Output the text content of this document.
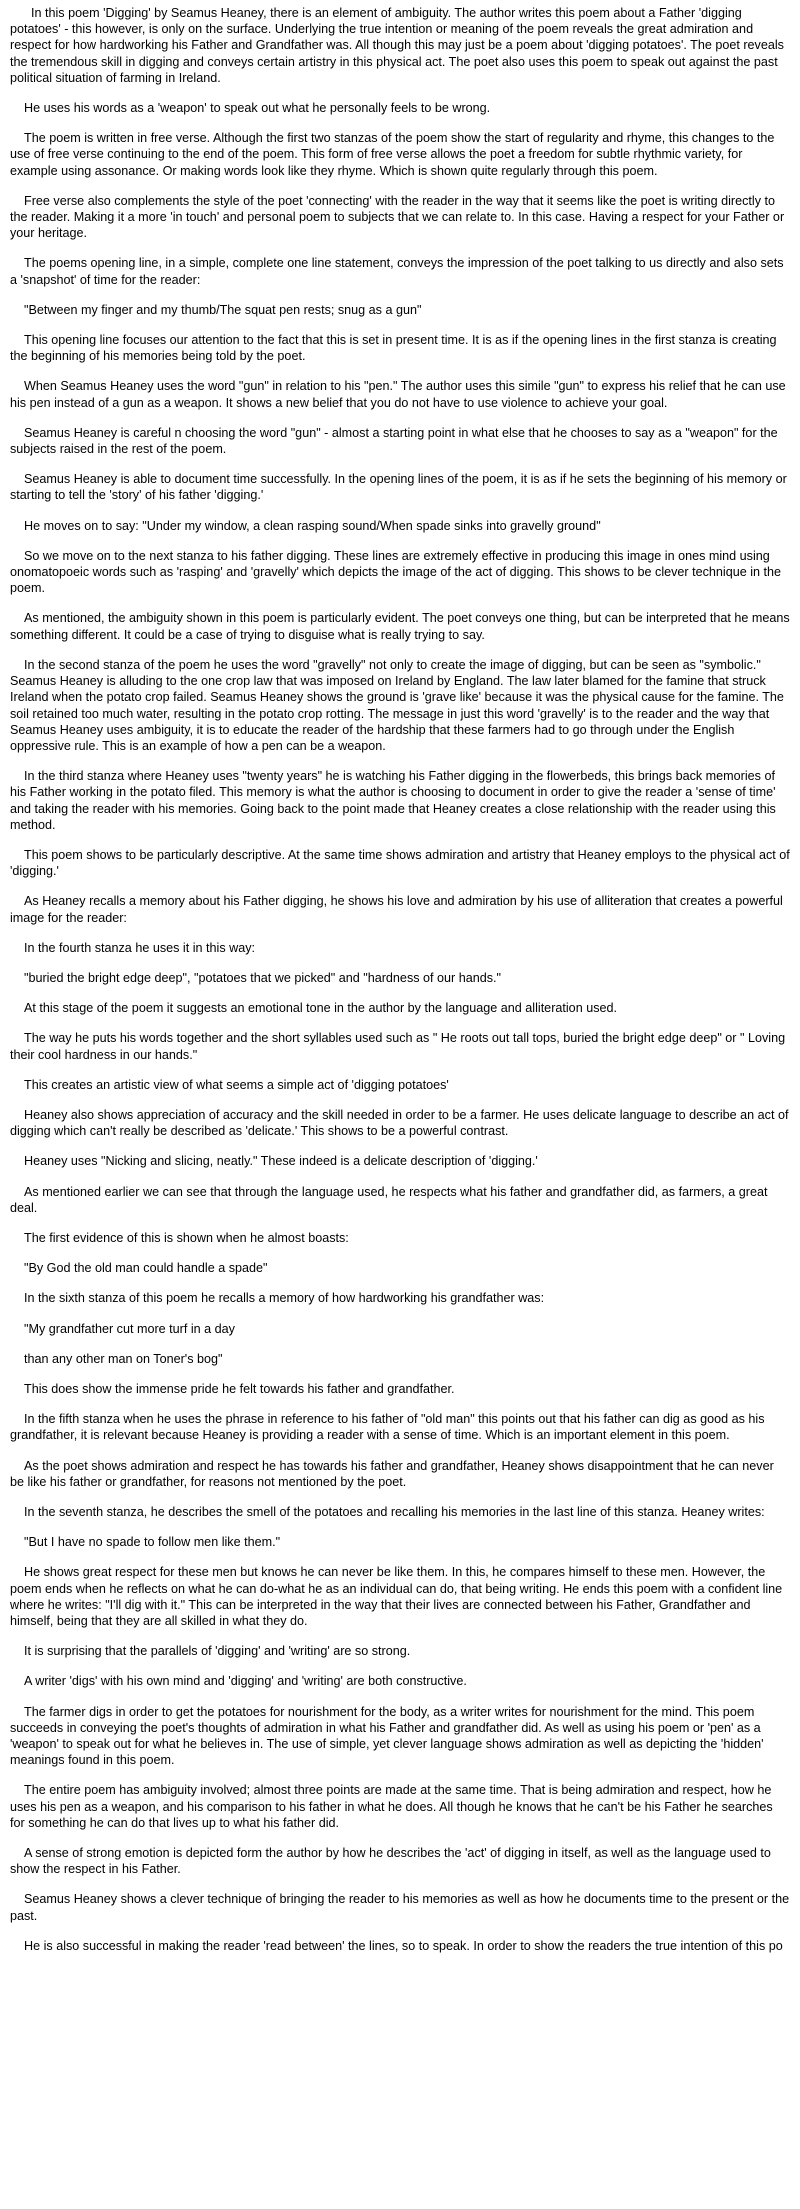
In this poem 'Digging' by Seamus Heaney, there is an element of ambiguity. The author writes this poem about a Father 'digging potatoes' - this however, is only on the surface. Underlying the true intention or meaning of the poem reveals the great admiration and respect for how hardworking his Father and Grandfather was. All though this may just be a poem about 'digging potatoes'. The poet reveals the tremendous skill in digging and conveys certain artistry in this physical act. The poet also uses this poem to speak out against the past political situation of farming in Ireland.

He uses his words as a 'weapon' to speak out what he personally feels to be wrong.

The poem is written in free verse. Although the first two stanzas of the poem show the start of regularity and rhyme, this changes to the use of free verse continuing to the end of the poem. This form of free verse allows the poet a freedom for subtle rhythmic variety, for example using assonance. Or making words look like they rhyme. Which is shown quite regularly through this poem.

Free verse also complements the style of the poet 'connecting' with the reader in the way that it seems like the poet is writing directly to the reader. Making it a more 'in touch' and personal poem to subjects that we can relate to. In this case. Having a respect for your Father or your heritage.

The poems opening line, in a simple, complete one line statement, conveys the impression of the poet talking to us directly and also sets a 'snapshot' of time for the reader:

"Between my finger and my thumb/The squat pen rests; snug as a gun"

This opening line focuses our attention to the fact that this is set in present time. It is as if the opening lines in the first stanza is creating the beginning of his memories being told by the poet.

When Seamus Heaney uses the word "gun" in relation to his "pen." The author uses this simile "gun" to express his relief that he can use his pen instead of a gun as a weapon. It shows a new belief that you do not have to use violence to achieve your goal.

Seamus Heaney is careful n choosing the word "gun" - almost a starting point in what else that he chooses to say as a "weapon" for the subjects raised in the rest of the poem.

Seamus Heaney is able to document time successfully. In the opening lines of the poem, it is as if he sets the beginning of his memory or starting to tell the 'story' of his father 'digging.'

He moves on to say: "Under my window, a clean rasping sound/When spade sinks into gravelly ground"

So we move on to the next stanza to his father digging. These lines are extremely effective in producing this image in ones mind using onomatopoeic words such as 'rasping' and 'gravelly' which depicts the image of the act of digging. This shows to be clever technique in the poem.

As mentioned, the ambiguity shown in this poem is particularly evident. The poet conveys one thing, but can be interpreted that he means something different. It could be a case of trying to disguise what is really trying to say.

In the second stanza of the poem he uses the word "gravelly" not only to create the image of digging, but can be seen as "symbolic." Seamus Heaney is alluding to the one crop law that was imposed on Ireland by England. The law later blamed for the famine that struck Ireland when the potato crop failed. Seamus Heaney shows the ground is 'grave like' because it was the physical cause for the famine. The soil retained too much water, resulting in the potato crop rotting. The message in just this word 'gravelly' is to the reader and the way that Seamus Heaney uses ambiguity, it is to educate the reader of the hardship that these farmers had to go through under the English oppressive rule. This is an example of how a pen can be a weapon.

In the third stanza where Heaney uses "twenty years" he is watching his Father digging in the flowerbeds, this brings back memories of his Father working in the potato filed. This memory is what the author is choosing to document in order to give the reader a 'sense of time' and taking the reader with his memories. Going back to the point made that Heaney creates a close relationship with the reader using this method.

This poem shows to be particularly descriptive. At the same time shows admiration and artistry that Heaney employs to the physical act of 'digging.'

As Heaney recalls a memory about his Father digging, he shows his love and admiration by his use of alliteration that creates a powerful image for the reader:

In the fourth stanza he uses it in this way:

"buried the bright edge deep", "potatoes that we picked" and "hardness of our hands."

At this stage of the poem it suggests an emotional tone in the author by the language and alliteration used.

The way he puts his words together and the short syllables used such as " He roots out tall tops, buried the bright edge deep" or " Loving their cool hardness in our hands."

This creates an artistic view of what seems a simple act of 'digging potatoes'

Heaney also shows appreciation of accuracy and the skill needed in order to be a farmer. He uses delicate language to describe an act of digging which can't really be described as 'delicate.' This shows to be a powerful contrast.

Heaney uses "Nicking and slicing, neatly." These indeed is a delicate description of 'digging.'

As mentioned earlier we can see that through the language used, he respects what his father and grandfather did, as farmers, a great deal.

The first evidence of this is shown when he almost boasts:

"By God the old man could handle a spade"

In the sixth stanza of this poem he recalls a memory of how hardworking his grandfather was:

"My grandfather cut more turf in a day

than any other man on Toner's bog"

This does show the immense pride he felt towards his father and grandfather.

In the fifth stanza when he uses the phrase in reference to his father of "old man" this points out that his father can dig as good as his grandfather, it is relevant because Heaney is providing a reader with a sense of time. Which is an important element in this poem.

As the poet shows admiration and respect he has towards his father and grandfather, Heaney shows disappointment that he can never be like his father or grandfather, for reasons not mentioned by the poet.

In the seventh stanza, he describes the smell of the potatoes and recalling his memories in the last line of this stanza. Heaney writes:

"But I have no spade to follow men like them."

He shows great respect for these men but knows he can never be like them. In this, he compares himself to these men. However, the poem ends when he reflects on what he can do-what he as an individual can do, that being writing. He ends this poem with a confident line where he writes: "I'll dig with it." This can be interpreted in the way that their lives are connected between his Father, Grandfather and himself, being that they are all skilled in what they do.

It is surprising that the parallels of 'digging' and 'writing' are so strong.

A writer 'digs' with his own mind and 'digging' and 'writing' are both constructive.

The farmer digs in order to get the potatoes for nourishment for the body, as a writer writes for nourishment for the mind. This poem succeeds in conveying the poet's thoughts of admiration in what his Father and grandfather did. As well as using his poem or 'pen' as a 'weapon' to speak out for what he believes in. The use of simple, yet clever language shows admiration as well as depicting the 'hidden' meanings found in this poem.

The entire poem has ambiguity involved; almost three points are made at the same time. That is being admiration and respect, how he uses his pen as a weapon, and his comparison to his father in what he does. All though he knows that he can't be his Father he searches for something he can do that lives up to what his father did.

A sense of strong emotion is depicted form the author by how he describes the 'act' of digging in itself, as well as the language used to show the respect in his Father.

Seamus Heaney shows a clever technique of bringing the reader to his memories as well as how he documents time to the present or the past.

He is also successful in making the reader 'read between' the lines, so to speak. In order to show the readers the true intention of this po
